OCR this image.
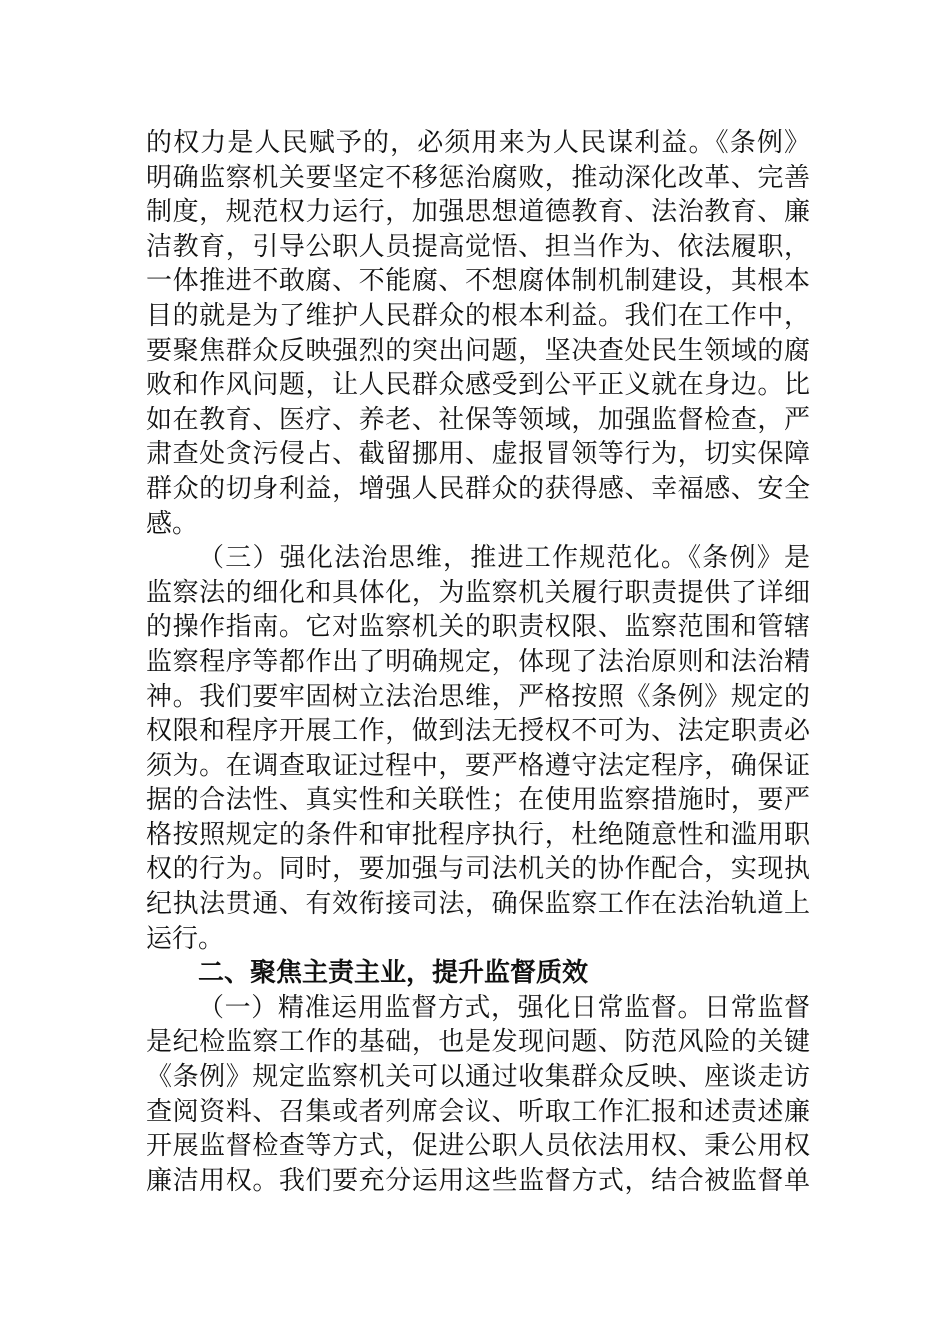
的权力是人民赋予的，必须用来为人民谋利益。《条例》
明确监察机关要坚定不移惩治腐败，推动深化改革、完善
制度，规范权力运行，加强思想道德教育、法治教育、廉
洁教育，引导公职人员提高觉悟、担当作为、依法履职，
一体推进不敢腐、不能腐、不想腐体制机制建设，其根本
目的就是为了维护人民群众的根本利益。我们在工作中，
要聚焦群众反映强烈的突出问题，坚决查处民生领域的腐
败和作风问题，让人民群众感受到公平正义就在身边。比
如在教育、医疗、养老、社保等领域，加强监督检查，严
肃查处贪污侵占、截留挪用、虚报冒领等行为，切实保障
群众的切身利益，增强人民群众的获得感、幸福感、安全
感。
（三）强化法治思维，推进工作规范化。《条例》是
监察法的细化和具体化，为监察机关履行职责提供了详细
的操作指南。它对监察机关的职责权限、监察范围和管辖
监察程序等都作出了明确规定，体现了法治原则和法治精
神。我们要牢固树立法治思维，严格按照《条例》规定的
权限和程序开展工作，做到法无授权不可为、法定职责必
须为。在调查取证过程中，要严格遵守法定程序，确保证
据的合法性、真实性和关联性；在使用监察措施时，要严
格按照规定的条件和审批程序执行，杜绝随意性和滥用职
权的行为。同时，要加强与司法机关的协作配合，实现执
纪执法贯通、有效衔接司法，确保监察工作在法治轨道上
运行。
二、聚焦主责主业，提升监督质效
（一）精准运用监督方式，强化日常监督。日常监督
是纪检监察工作的基础，也是发现问题、防范风险的关键
《条例》规定监察机关可以通过收集群众反映、座谈走访
查阅资料、召集或者列席会议、听取工作汇报和述责述廉
开展监督检查等方式，促进公职人员依法用权、秉公用权
廉洁用权。我们要充分运用这些监督方式，结合被监督单
